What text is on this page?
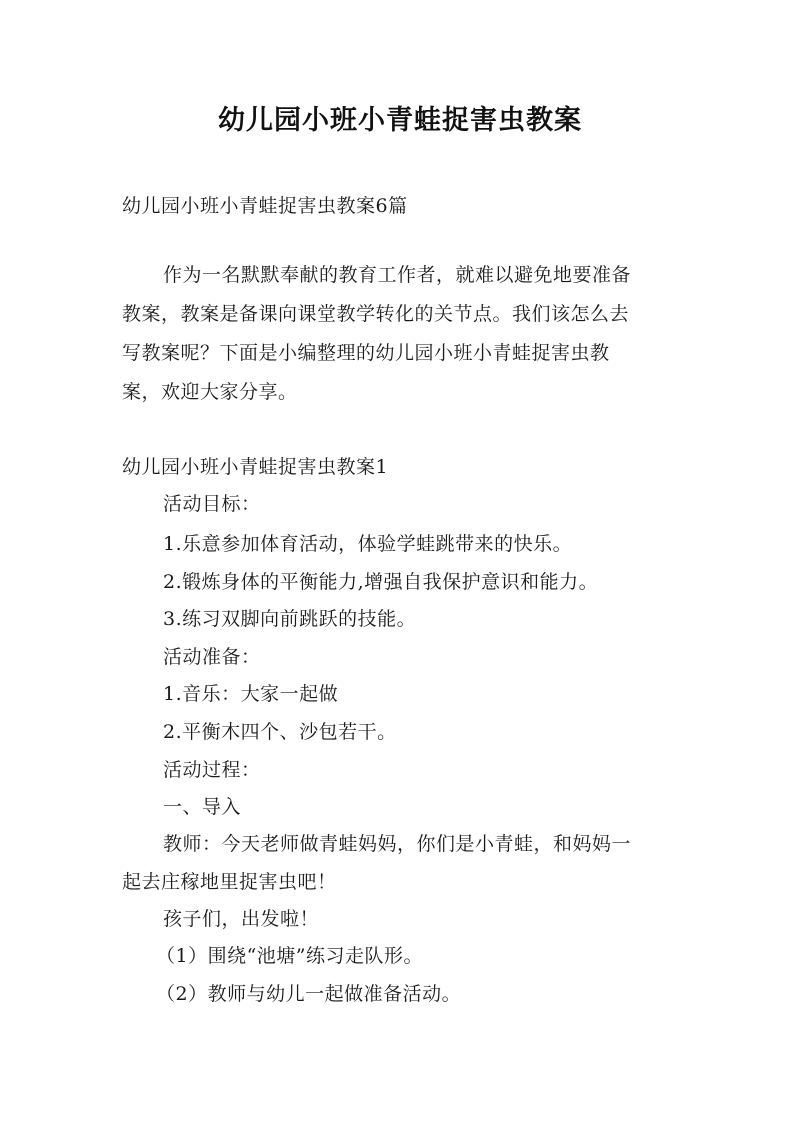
幼儿园小班小青蛙捉害虫教案
幼儿园小班小青蛙捉害虫教案6篇
作为一名默默奉献的教育工作者，就难以避免地要准备
教案，教案是备课向课堂教学转化的关节点。我们该怎么去
写教案呢？下面是小编整理的幼儿园小班小青蛙捉害虫教
案，欢迎大家分享。
幼儿园小班小青蛙捉害虫教案1
活动目标：
1.乐意参加体育活动，体验学蛙跳带来的快乐。
2.锻炼身体的平衡能力,增强自我保护意识和能力。
3.练习双脚向前跳跃的技能。
活动准备：
1.音乐：大家一起做
2.平衡木四个、沙包若干。
活动过程：
一、导入
教师：今天老师做青蛙妈妈，你们是小青蛙，和妈妈一
起去庄稼地里捉害虫吧！
孩子们，出发啦！
（1）围绕“池塘”练习走队形。
（2）教师与幼儿一起做准备活动。
